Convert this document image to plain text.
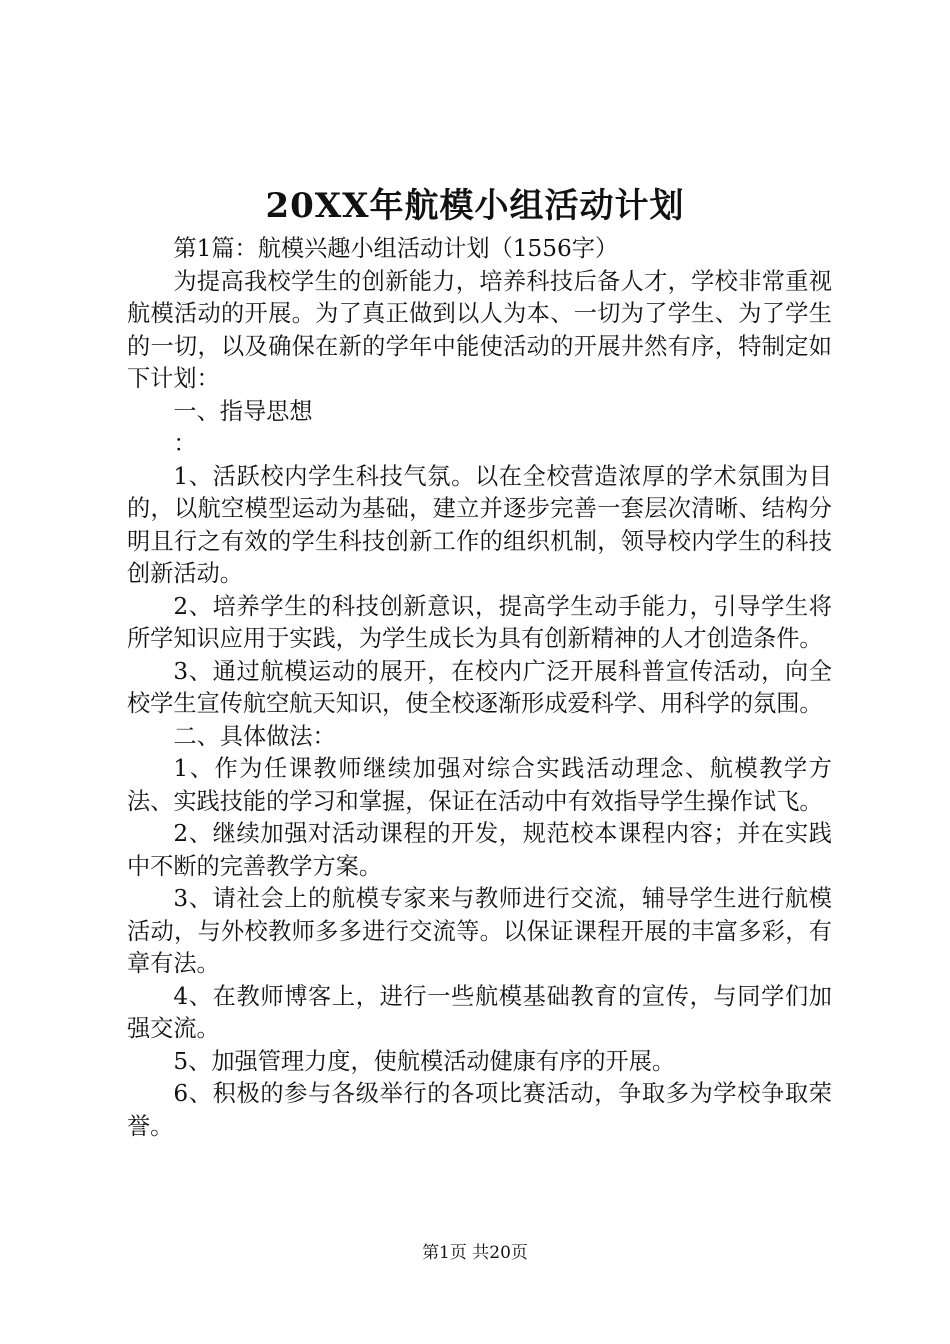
20XX年航模小组活动计划

第1篇：航模兴趣小组活动计划（1556字）

为提高我校学生的创新能力，培养科技后备人才，学校非常重视航模活动的开展。为了真正做到以人为本、一切为了学生、为了学生的一切，以及确保在新的学年中能使活动的开展井然有序，特制定如下计划：

一、指导思想

：

1、活跃校内学生科技气氛。以在全校营造浓厚的学术氛围为目的，以航空模型运动为基础，建立并逐步完善一套层次清晰、结构分明且行之有效的学生科技创新工作的组织机制，领导校内学生的科技创新活动。

2、培养学生的科技创新意识，提高学生动手能力，引导学生将所学知识应用于实践，为学生成长为具有创新精神的人才创造条件。

3、通过航模运动的展开，在校内广泛开展科普宣传活动，向全校学生宣传航空航天知识，使全校逐渐形成爱科学、用科学的氛围。

二、具体做法：

1、作为任课教师继续加强对综合实践活动理念、航模教学方法、实践技能的学习和掌握，保证在活动中有效指导学生操作试飞。

2、继续加强对活动课程的开发，规范校本课程内容；并在实践中不断的完善教学方案。

3、请社会上的航模专家来与教师进行交流，辅导学生进行航模活动，与外校教师多多进行交流等。以保证课程开展的丰富多彩，有章有法。

4、在教师博客上，进行一些航模基础教育的宣传，与同学们加强交流。

5、加强管理力度，使航模活动健康有序的开展。

6、积极的参与各级举行的各项比赛活动，争取多为学校争取荣誉。

第1页 共20页
